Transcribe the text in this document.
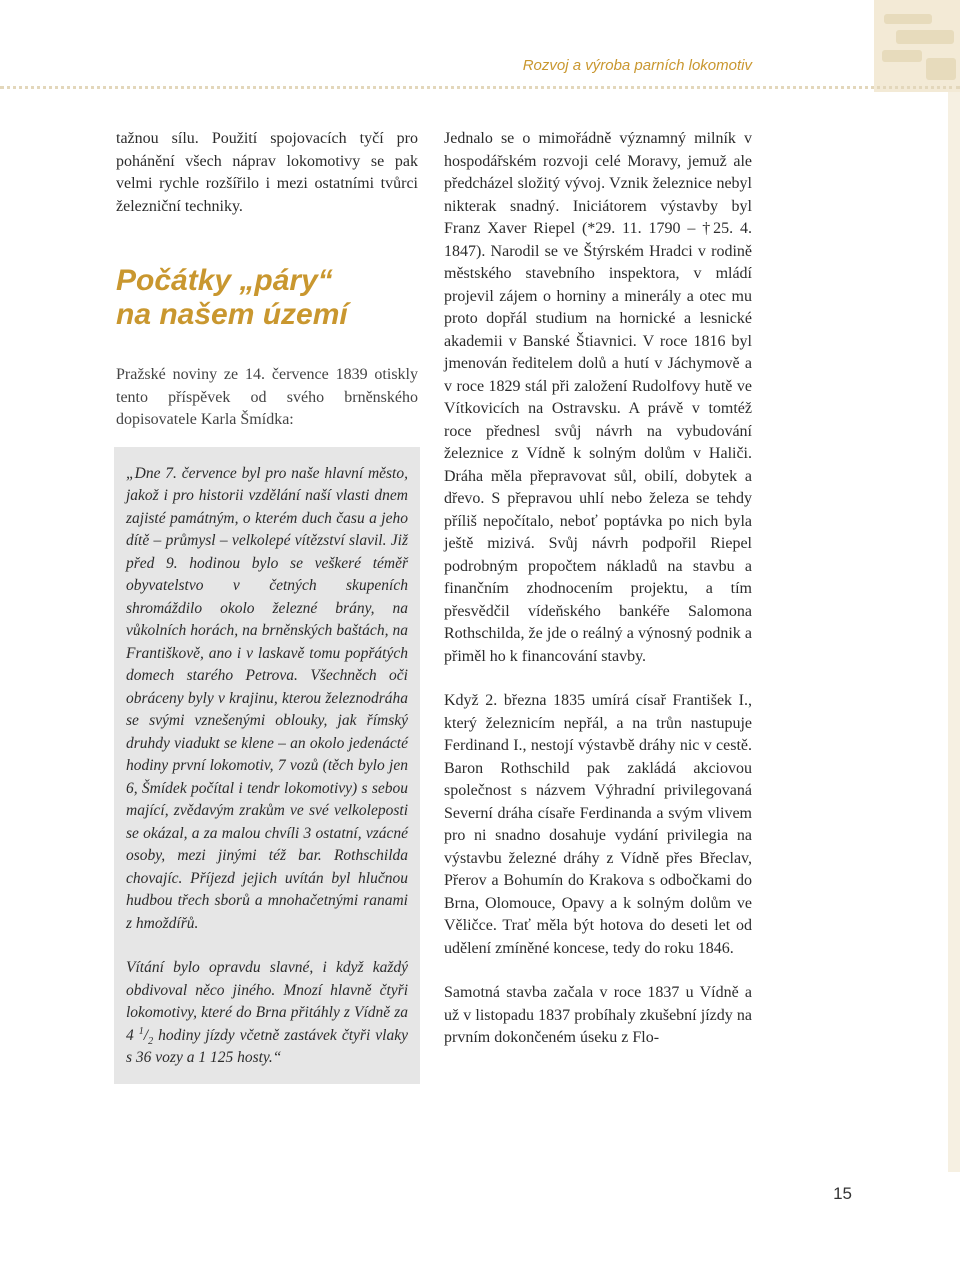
Rozvoj a výroba parních lokomotiv

tažnou sílu. Použití spojovacích tyčí pro pohánění všech náprav lokomotivy se pak velmi rychle rozšířilo i mezi ostatními tvůrci železniční techniky.

Počátky „páry“
na našem území

Pražské noviny ze 14. července 1839 otiskly tento příspěvek od svého brněnského dopisovatele Karla Šmídka:

„Dne 7. července byl pro naše hlavní město, jakož i pro historii vzdělání naší vlasti dnem zajisté památným, o kterém duch času a jeho dítě – průmysl – velkolepé vítězství slavil. Již před 9. hodinou bylo se veškeré téměř obyvatelstvo v četných skupeních shromáždilo okolo železné brány, na vůkolních horách, na brněnských baštách, na Františkově, ano i v laskavě tomu popřátých domech starého Petrova. Všechněch oči obráceny byly v krajinu, kterou železnodráha se svými vznešenými oblouky, jak římský druhdy viadukt se klene – an okolo jedenácté hodiny první lokomotiv, 7 vozů (těch bylo jen 6, Šmídek počítal i tendr lokomotivy) s sebou mající, zvědavým zrakům ve své velkoleposti se okázal, a za malou chvíli 3 ostatní, vzácné osoby, mezi jinými též bar. Rothschilda chovajíc. Příjezd jejich uvítán byl hlučnou hudbou třech sborů a mnohačetnými ranami z hmoždířů.

Vítání bylo opravdu slavné, i když každý obdivoval něco jiného. Mnozí hlavně čtyři lokomotivy, které do Brna přitáhly z Vídně za 4 $^1/_2$ hodiny jízdy včetně zastávek čtyři vlaky s 36 vozy a 1 125 hosty.“

Jednalo se o mimořádně významný milník v hospodářském rozvoji celé Moravy, jemuž ale předcházel složitý vývoj. Vznik železnice nebyl nikterak snadný. Iniciátorem výstavby byl Franz Xaver Riepel (*29. 11. 1790 – †25. 4. 1847). Narodil se ve Štýrském Hradci v rodině městského stavebního inspektora, v mládí projevil zájem o horniny a minerály a otec mu proto dopřál studium na hornické a lesnické akademii v Banské Štiavnici. V roce 1816 byl jmenován ředitelem dolů a hutí v Jáchymově a v roce 1829 stál při založení Rudolfovy hutě ve Vítkovicích na Ostravsku. A právě v tomtéž roce přednesl svůj návrh na vybudování železnice z Vídně k solným dolům v Haliči. Dráha měla přepravovat sůl, obilí, dobytek a dřevo. S přepravou uhlí nebo železa se tehdy příliš nepočítalo, neboť poptávka po nich byla ještě mizivá. Svůj návrh podpořil Riepel podrobným propočtem nákladů na stavbu a finančním zhodnocením projektu, a tím přesvědčil vídeňského bankéře Salomona Rothschilda, že jde o reálný a výnosný podnik a přiměl ho k financování stavby.

Když 2. března 1835 umírá císař František I., který železnicím nepřál, a na trůn nastupuje Ferdinand I., nestojí výstavbě dráhy nic v cestě. Baron Rothschild pak zakládá akciovou společnost s názvem Výhradní privilegovaná Severní dráha císaře Ferdinanda a svým vlivem pro ni snadno dosahuje vydání privilegia na výstavbu železné dráhy z Vídně přes Břeclav, Přerov a Bohumín do Krakova s odbočkami do Brna, Olomouce, Opavy a k solným dolům ve Věličce. Trať měla být hotova do deseti let od udělení zmíněné koncese, tedy do roku 1846.

Samotná stavba začala v roce 1837 u Vídně a už v listopadu 1837 probíhaly zkušební jízdy na prvním dokončeném úseku z Flo-

15
